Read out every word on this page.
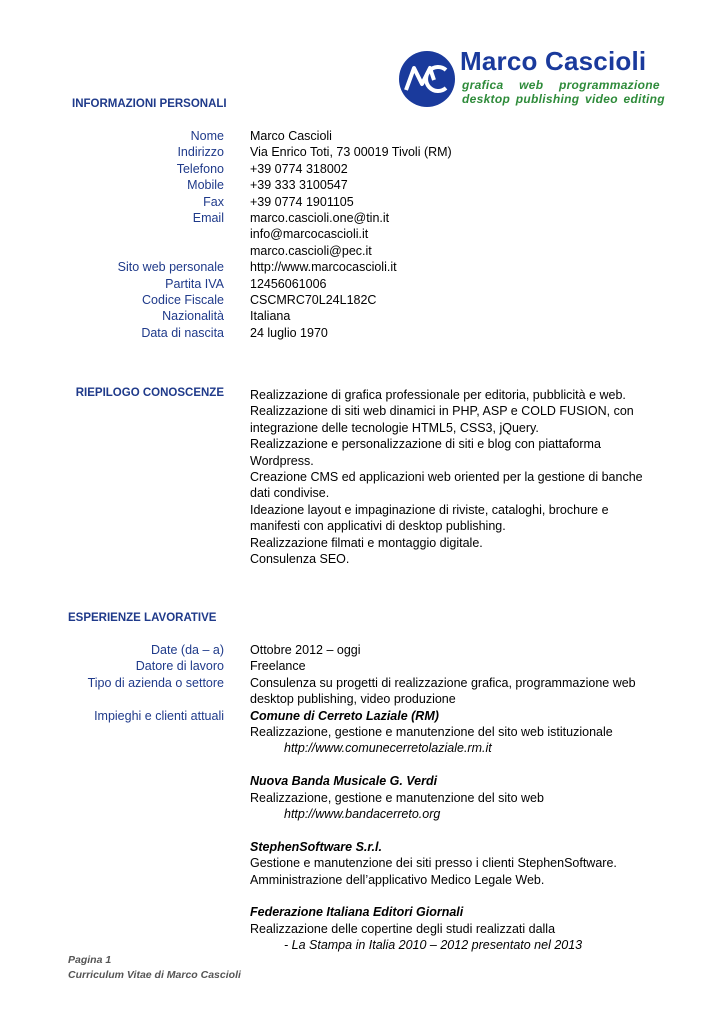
Marco Cascioli
grafica web programmazione
desktop publishing video editing
INFORMAZIONI PERSONALI
Nome
Indirizzo
Telefono
Mobile
Fax
Email
Sito web personale
Partita IVA
Codice Fiscale
Nazionalità
Data di nascita
Marco Cascioli
Via Enrico Toti, 73 00019 Tivoli (RM)
+39 0774 318002
+39 333 3100547
+39 0774 1901105
marco.cascioli.one@tin.it
info@marcocascioli.it
marco.cascioli@pec.it
http://www.marcocascioli.it
12456061006
CSCMRC70L24L182C
Italiana
24 luglio 1970
RIEPILOGO CONOSCENZE Realizzazione di grafica professionale per editoria, pubblicità e web.
Realizzazione di siti web dinamici in PHP, ASP e COLD FUSION, con
integrazione delle tecnologie HTML5, CSS3, jQuery.
Realizzazione e personalizzazione di siti e blog con piattaforma
Wordpress.
Creazione CMS ed applicazioni web oriented per la gestione di banche
dati condivise.
Ideazione layout e impaginazione di riviste, cataloghi, brochure e
manifesti con applicativi di desktop publishing.
Realizzazione filmati e montaggio digitale.
Consulenza SEO.
ESPERIENZE LAVORATIVE
Date (da – a)
Datore di lavoro
Tipo di azienda o settore
Impieghi e clienti attuali
Ottobre 2012 – oggi
Freelance
Consulenza su progetti di realizzazione grafica, programmazione web
desktop publishing, video produzione
Comune di Cerreto Laziale (RM)
Realizzazione, gestione e manutenzione del sito web istituzionale
http://www.comunecerretolaziale.rm.it
Nuova Banda Musicale G. Verdi
Realizzazione, gestione e manutenzione del sito web
http://www.bandacerreto.org
StephenSoftware S.r.l.
Gestione e manutenzione dei siti presso i clienti StephenSoftware.
Amministrazione dell’applicativo Medico Legale Web.
Federazione Italiana Editori Giornali
Realizzazione delle copertine degli studi realizzati dalla
- La Stampa in Italia 2010 – 2012 presentato nel 2013
Pagina 1
Curriculum Vitae di Marco Cascioli
